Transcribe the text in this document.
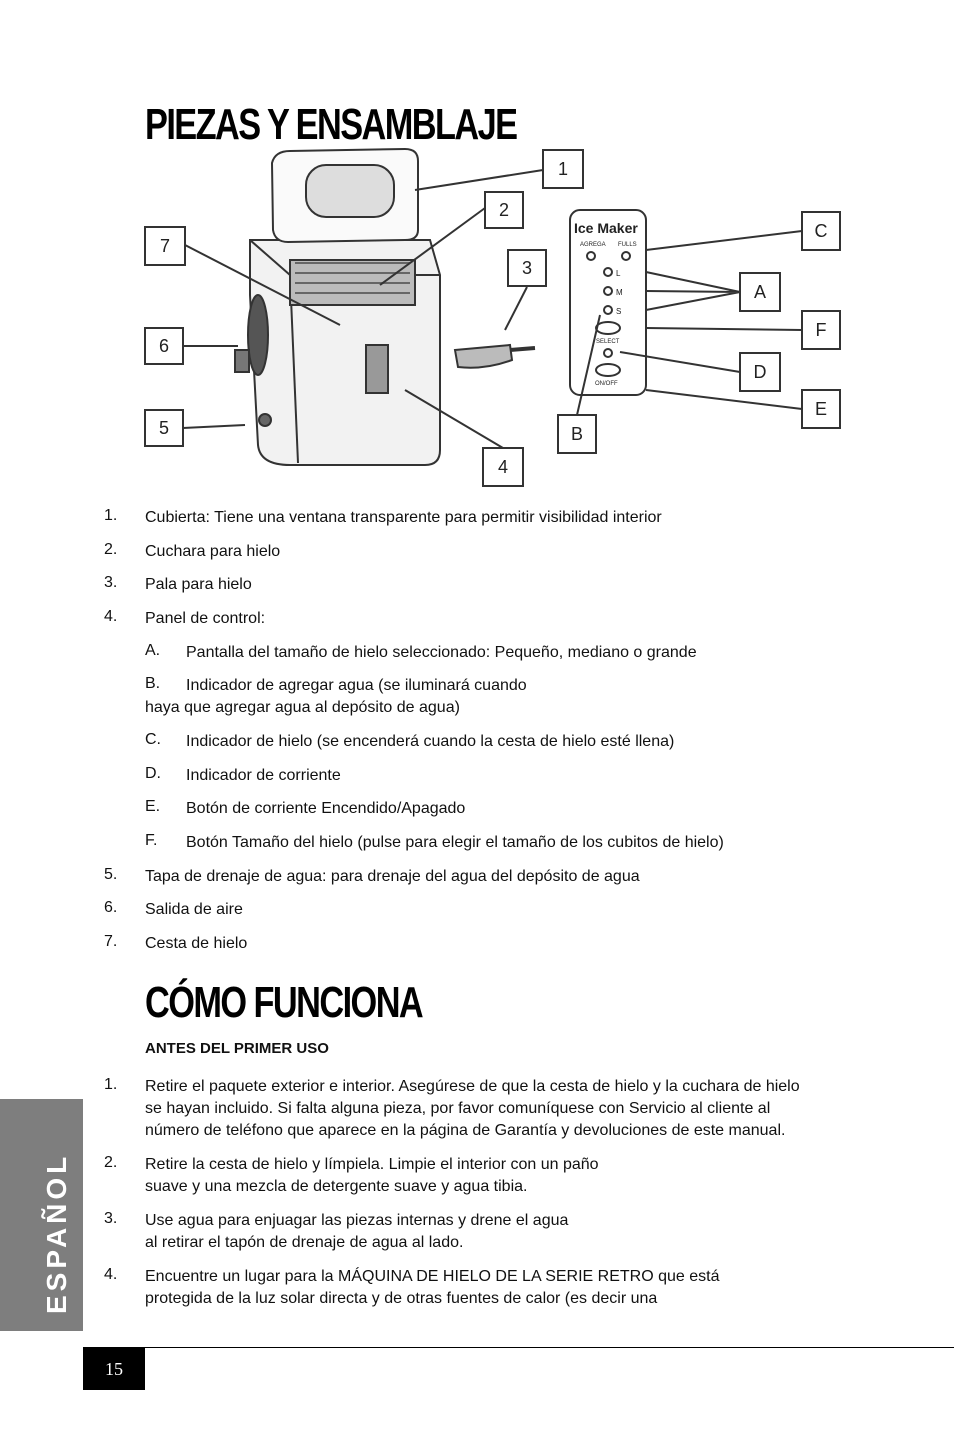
PIEZAS Y ENSAMBLAJE
1
2
3
4
5
6
7
A
B
C
D
E
F
Ice Maker
AGREGA FULLS
L
M
S
SELECT
ON/OFF
1. Cubierta: Tiene una ventana transparente para permitir visibilidad interior
2. Cuchara para hielo
3. Pala para hielo
4. Panel de control:
A. Pantalla del tamaño de hielo seleccionado: Pequeño, mediano o grande
B. Indicador de agregar agua (se iluminará cuando
haya que agregar agua al depósito de agua)
C. Indicador de hielo (se encenderá cuando la cesta de hielo esté llena)
D. Indicador de corriente
E. Botón de corriente Encendido/Apagado
F. Botón Tamaño del hielo (pulse para elegir el tamaño de los cubitos de hielo)
5. Tapa de drenaje de agua: para drenaje del agua del depósito de agua
6. Salida de aire
7. Cesta de hielo
CÓMO FUNCIONA
ANTES DEL PRIMER USO
1. Retire el paquete exterior e interior. Asegúrese de que la cesta de hielo y la cuchara de hielo
se hayan incluido. Si falta alguna pieza, por favor comuníquese con Servicio al cliente al
número de teléfono que aparece en la página de Garantía y devoluciones de este manual.
2. Retire la cesta de hielo y límpiela. Limpie el interior con un paño
suave y una mezcla de detergente suave y agua tibia.
3. Use agua para enjuagar las piezas internas y drene el agua
al retirar el tapón de drenaje de agua al lado.
4. Encuentre un lugar para la MÁQUINA DE HIELO DE LA SERIE RETRO que está
protegida de la luz solar directa y de otras fuentes de calor (es decir una
ESPAÑOL
15
